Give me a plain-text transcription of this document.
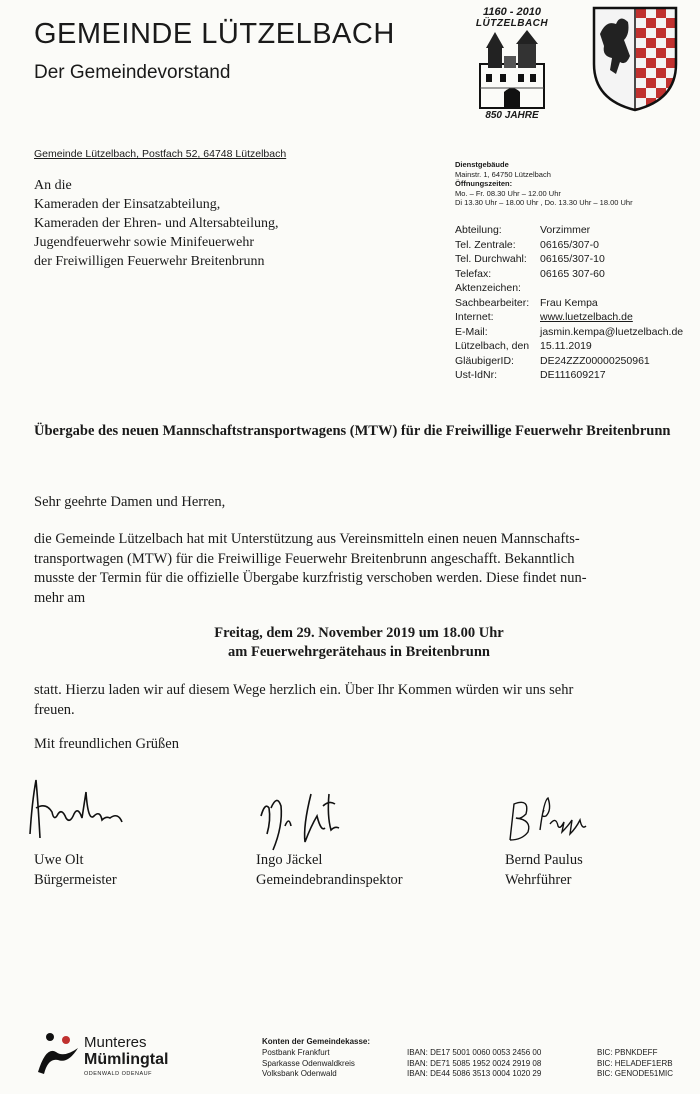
GEMEINDE LÜTZELBACH
Der Gemeindevorstand
1160 - 2010
LÜTZELBACH
850 JAHRE
Gemeinde Lützelbach, Postfach 52, 64748 Lützelbach
An die
Kameraden der Einsatzabteilung,
Kameraden der Ehren- und Altersabteilung,
Jugendfeuerwehr sowie Minifeuerwehr
der Freiwilligen Feuerwehr Breitenbrunn
Dienstgebäude
Mainstr. 1, 64750 Lützelbach
Öffnungszeiten:
Mo. – Fr. 08.30 Uhr – 12.00 Uhr
Di 13.30 Uhr – 18.00 Uhr , Do. 13.30 Uhr – 18.00 Uhr
Abteilung:	Vorzimmer
Tel. Zentrale:	06165/307-0
Tel. Durchwahl:	06165/307-10
Telefax:	06165 307-60
Aktenzeichen:
Sachbearbeiter:	Frau Kempa
Internet:	www.luetzelbach.de
E-Mail:	jasmin.kempa@luetzelbach.de
Lützelbach, den	15.11.2019
GläubigerID:	DE24ZZZ00000250961
Ust-IdNr:	DE111609217
Übergabe des neuen Mannschaftstransportwagens (MTW) für die Freiwillige Feuerwehr Breitenbrunn
Sehr geehrte Damen und Herren,
die Gemeinde Lützelbach hat mit Unterstützung aus Vereinsmitteln einen neuen Mannschafts-
transportwagen (MTW) für die Freiwillige Feuerwehr Breitenbrunn angeschafft. Bekanntlich
musste der Termin für die offizielle Übergabe kurzfristig verschoben werden. Diese findet nun-
mehr am
Freitag, dem 29. November 2019 um 18.00 Uhr
am Feuerwehrgerätehaus in Breitenbrunn
statt. Hierzu laden wir auf diesem Wege herzlich ein. Über Ihr Kommen würden wir uns sehr
freuen.
Mit freundlichen Grüßen
Uwe Olt
Bürgermeister
Ingo Jäckel
Gemeindebrandinspektor
Bernd Paulus
Wehrführer
Munteres
Mümlingtal
ODENWALD ODENAUF
Konten der Gemeindekasse:
Postbank Frankfurt	IBAN: DE17 5001 0060 0053 2456 00	BIC: PBNKDEFF
Sparkasse Odenwaldkreis	IBAN: DE71 5085 1952 0024 2919 08	BIC: HELADEF1ERB
Volksbank Odenwald	IBAN: DE44 5086 3513 0004 1020 29	BIC: GENODE51MIC
